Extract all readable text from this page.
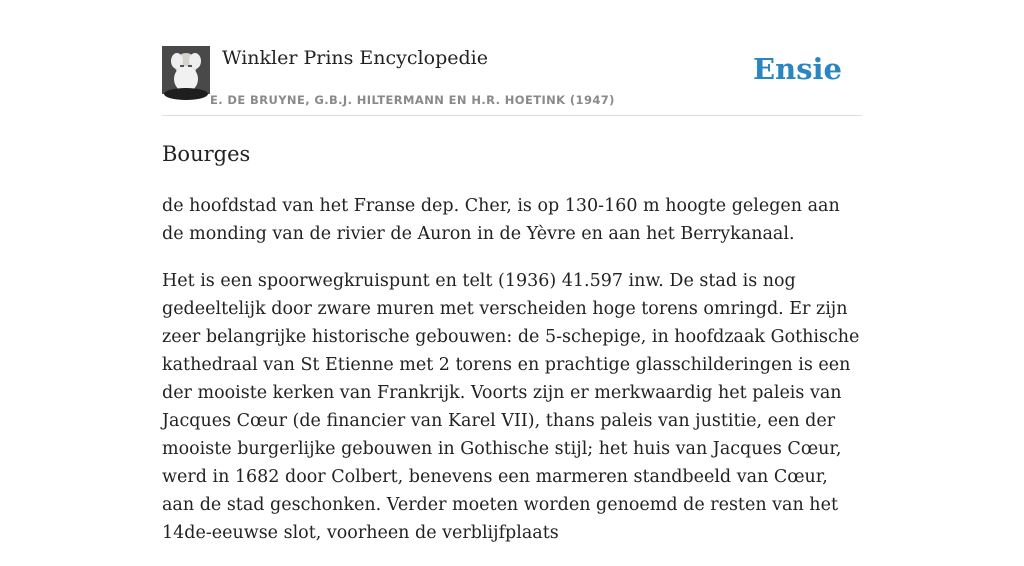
Winkler Prins Encyclopedie
E. DE BRUYNE, G.B.J. HILTERMANN EN H.R. HOETINK (1947)
Ensie
Bourges

de hoofdstad van het Franse dep. Cher, is op 130-160 m hoogte gelegen aan de monding van de rivier de Auron in de Yèvre en aan het Berrykanaal.

Het is een spoorwegkruispunt en telt (1936) 41.597 inw. De stad is nog gedeeltelijk door zware muren met verscheiden hoge torens omringd. Er zijn zeer belangrijke historische gebouwen: de 5-schepige, in hoofdzaak Gothische kathedraal van St Etienne met 2 torens en prachtige glasschilderingen is een der mooiste kerken van Frankrijk. Voorts zijn er merkwaardig het paleis van Jacques Cœur (de financier van Karel VII), thans paleis van justitie, een der mooiste burgerlijke gebouwen in Gothische stijl; het huis van Jacques Cœur, werd in 1682 door Colbert, benevens een marmeren standbeeld van Cœur, aan de stad geschonken. Verder moeten worden genoemd de resten van het 14de-eeuwse slot, voorheen de verblijfplaats
